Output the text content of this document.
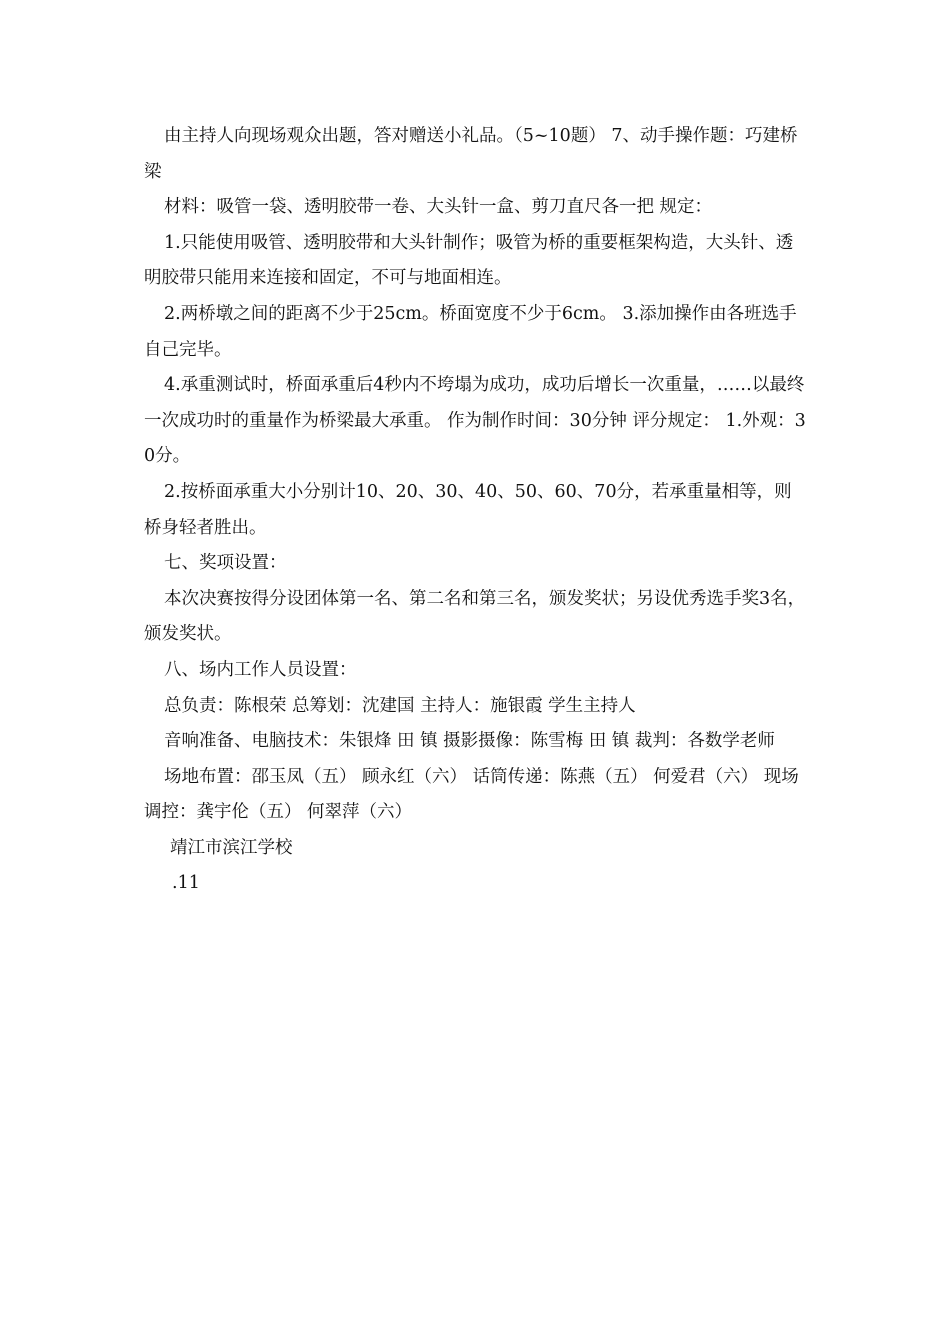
由主持人向现场观众出题，答对赠送小礼品。（5~10题） 7、动手操作题：巧建桥梁

材料：吸管一袋、透明胶带一卷、大头针一盒、剪刀直尺各一把 规定：

1.只能使用吸管、透明胶带和大头针制作；吸管为桥的重要框架构造，大头针、透明胶带只能用来连接和固定，不可与地面相连。

2.两桥墩之间的距离不少于25cm。桥面宽度不少于6cm。 3.添加操作由各班选手自己完毕。

4.承重测试时，桥面承重后4秒内不垮塌为成功，成功后增长一次重量，……以最终一次成功时的重量作为桥梁最大承重。 作为制作时间：30分钟 评分规定： 1.外观：30分。

2.按桥面承重大小分别计10、20、30、40、50、60、70分，若承重量相等，则桥身轻者胜出。

七、奖项设置：

本次决赛按得分设团体第一名、第二名和第三名，颁发奖状；另设优秀选手奖3名，颁发奖状。

八、场内工作人员设置：

总负责：陈根荣 总筹划：沈建国 主持人：施银霞 学生主持人

音响准备、电脑技术：朱银烽 田 镇 摄影摄像：陈雪梅 田 镇 裁判：各数学老师

场地布置：邵玉凤（五） 顾永红（六） 话筒传递：陈燕（五） 何爱君（六） 现场调控：龚宇伦（五） 何翠萍（六）

靖江市滨江学校

.11
